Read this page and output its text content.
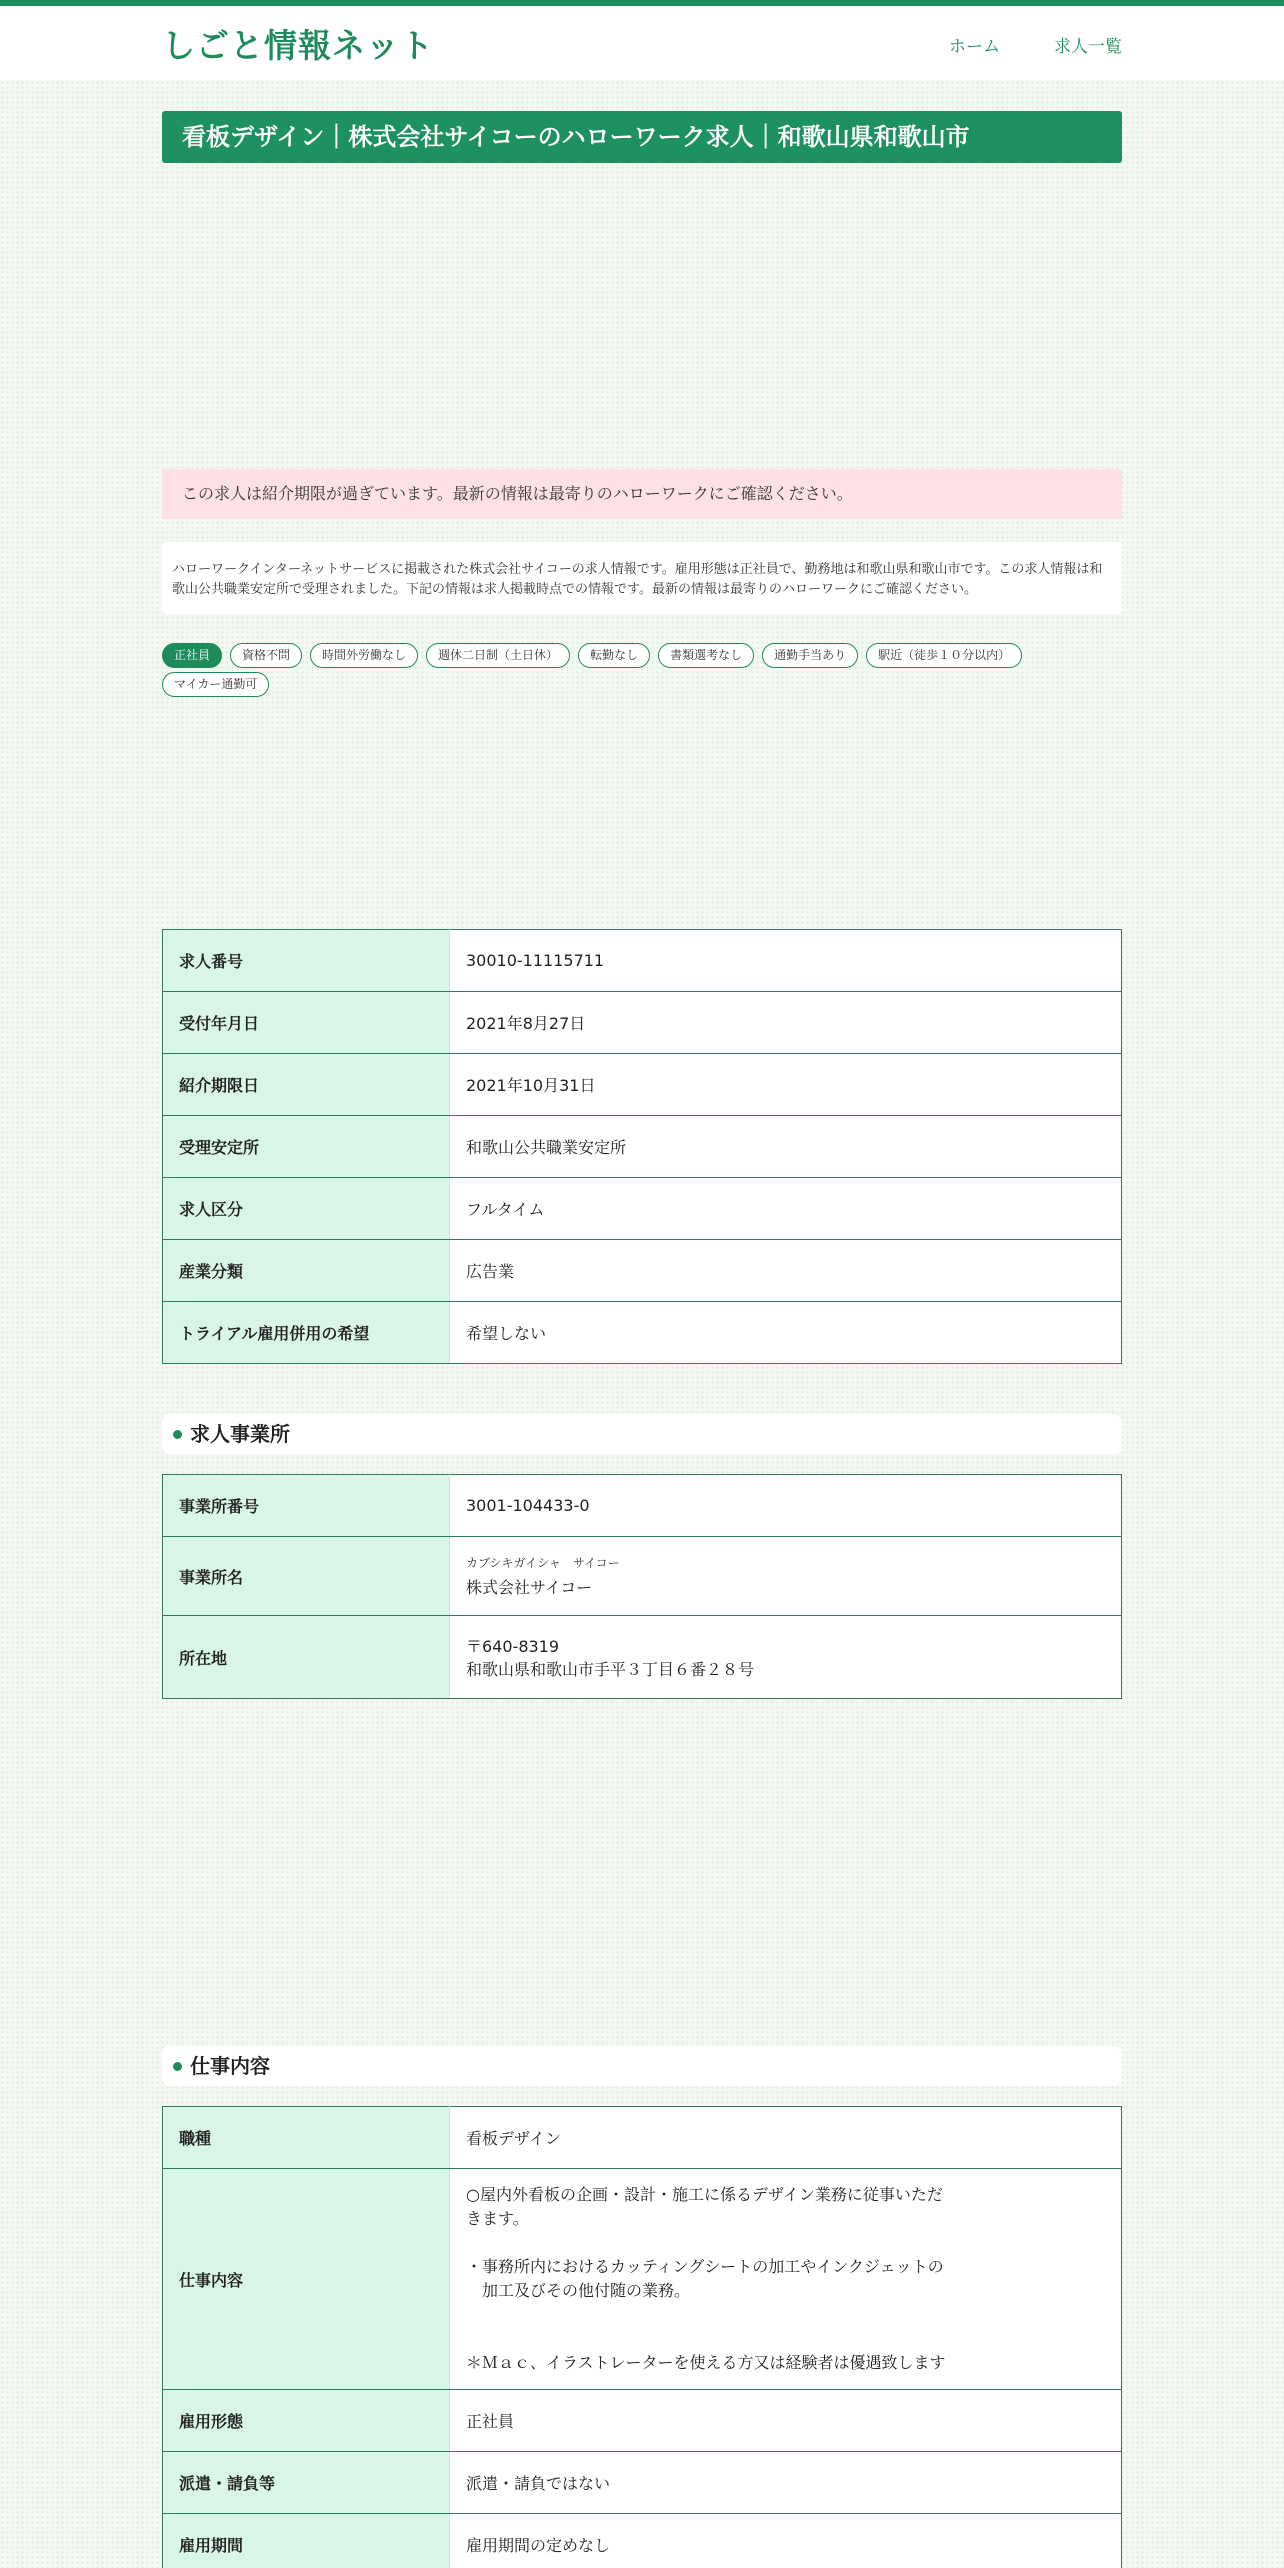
しごと情報ネット	ホーム	求人一覧
看板デザイン｜株式会社サイコーのハローワーク求人｜和歌山県和歌山市
この求人は紹介期限が過ぎています。最新の情報は最寄りのハローワークにご確認ください。

ハローワークインターネットサービスに掲載された株式会社サイコーの求人情報です。雇用形態は正社員で、勤務地は和歌山県和歌山市です。この求人情報は和歌山公共職業安定所で受理されました。下記の情報は求人掲載時点での情報です。最新の情報は最寄りのハローワークにご確認ください。

正社員	資格不問	時間外労働なし	週休二日制（土日休）	転勤なし	書類選考なし	通勤手当あり	駅近（徒歩１０分以内）
マイカー通勤可
求人番号	30010-11115711
受付年月日	2021年8月27日
紹介期限日	2021年10月31日
受理安定所	和歌山公共職業安定所
求人区分	フルタイム
産業分類	広告業
トライアル雇用併用の希望	希望しない
求人事業所
事業所番号	3001-104433-0
事業所名	カブシキガイシャ　サイコー
株式会社サイコー
所在地	〒640-8319
和歌山県和歌山市手平３丁目６番２８号
仕事内容
職種	看板デザイン
仕事内容	○屋内外看板の企画・設計・施工に係るデザイン業務に従事いただ
きます。

・事務所内におけるカッティングシートの加工やインクジェットの
　加工及びその他付随の業務。

＊Ｍａｃ、イラストレーターを使える方又は経験者は優遇致します
雇用形態	正社員
派遣・請負等	派遣・請負ではない
雇用期間	雇用期間の定めなし
